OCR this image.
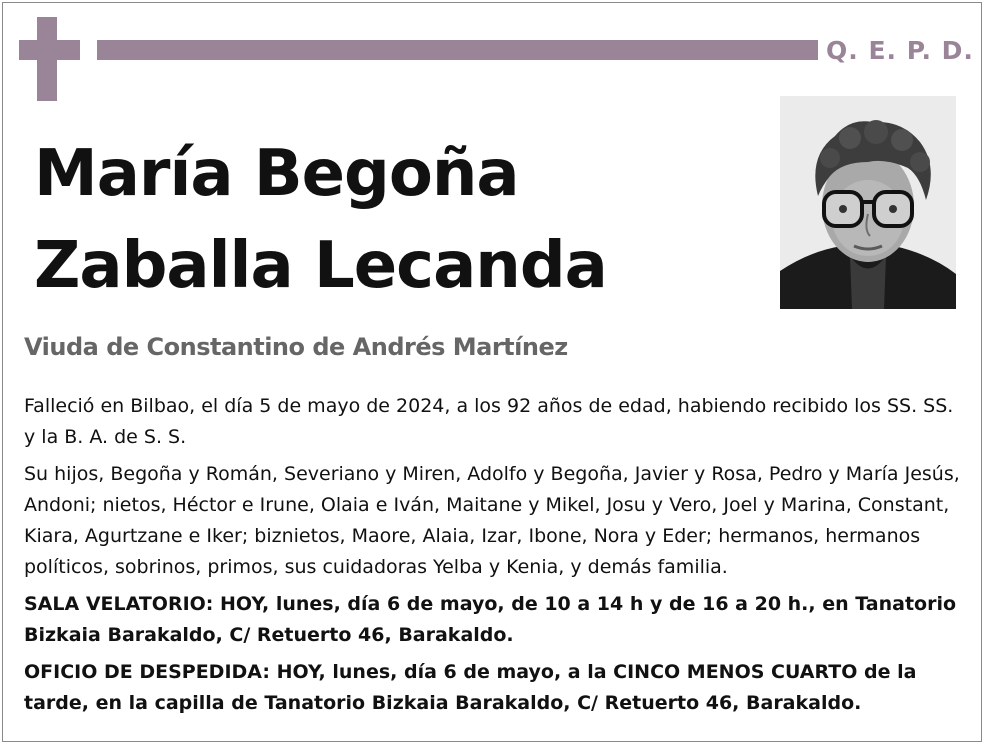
Q. E. P. D.
María Begoña
Zaballa Lecanda
Viuda de Constantino de Andrés Martínez

Falleció en Bilbao, el día 5 de mayo de 2024, a los 92 años de edad, habiendo recibido los SS. SS. y la B. A. de S. S.

Su hijos, Begoña y Román, Severiano y Miren, Adolfo y Begoña, Javier y Rosa, Pedro y María Jesús, Andoni; nietos, Héctor e Irune, Olaia e Iván, Maitane y Mikel, Josu y Vero, Joel y Marina, Constant, Kiara, Agurtzane e Iker; biznietos, Maore, Alaia, Izar, Ibone, Nora y Eder; hermanos, hermanos políticos, sobrinos, primos, sus cuidadoras Yelba y Kenia, y demás familia.

SALA VELATORIO: HOY, lunes, día 6 de mayo, de 10 a 14 h y de 16 a 20 h., en Tanatorio Bizkaia Barakaldo, C/ Retuerto 46, Barakaldo.

OFICIO DE DESPEDIDA: HOY, lunes, día 6 de mayo, a la CINCO MENOS CUARTO de la tarde, en la capilla de Tanatorio Bizkaia Barakaldo, C/ Retuerto 46, Barakaldo.
